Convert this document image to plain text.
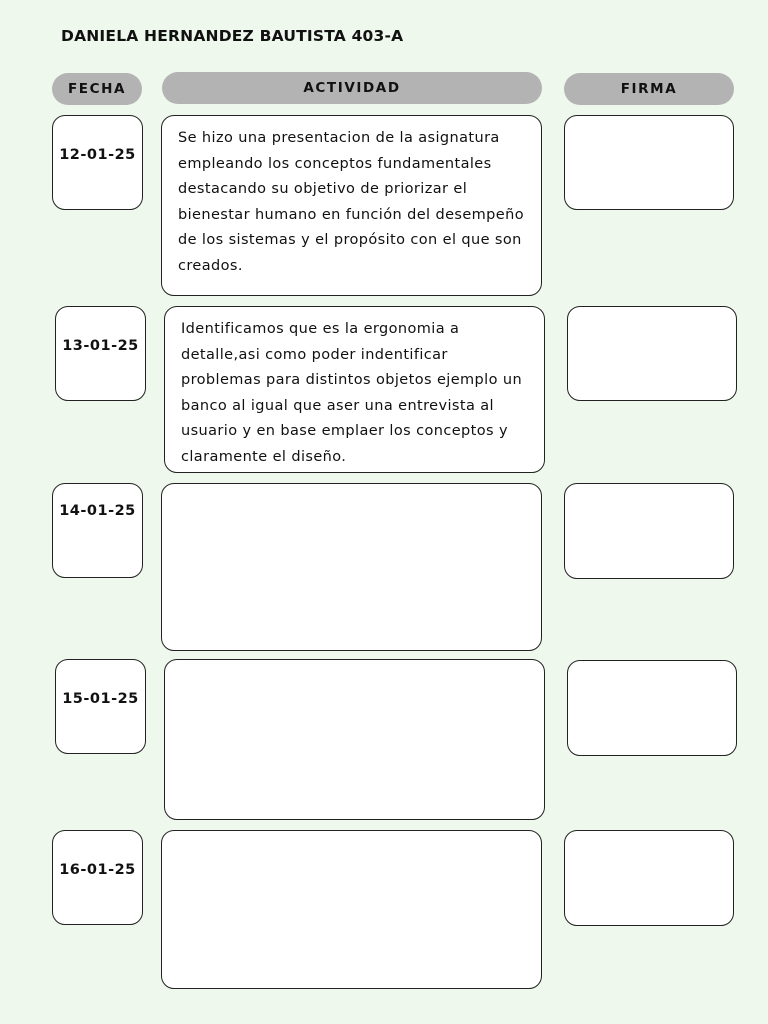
DANIELA HERNANDEZ BAUTISTA 403-A
FECHA	ACTIVIDAD	FIRMA
12-01-25
Se hizo una presentacion de la asignatura empleando los conceptos fundamentales destacando su objetivo de priorizar el bienestar humano en función del desempeño de los sistemas y el propósito con el que son creados.
13-01-25
Identificamos que es la ergonomia a detalle,asi como poder indentificar problemas para distintos objetos ejemplo un banco al igual que aser una entrevista al usuario y en base emplaer los conceptos y claramente el diseño.
14-01-25
15-01-25
16-01-25
